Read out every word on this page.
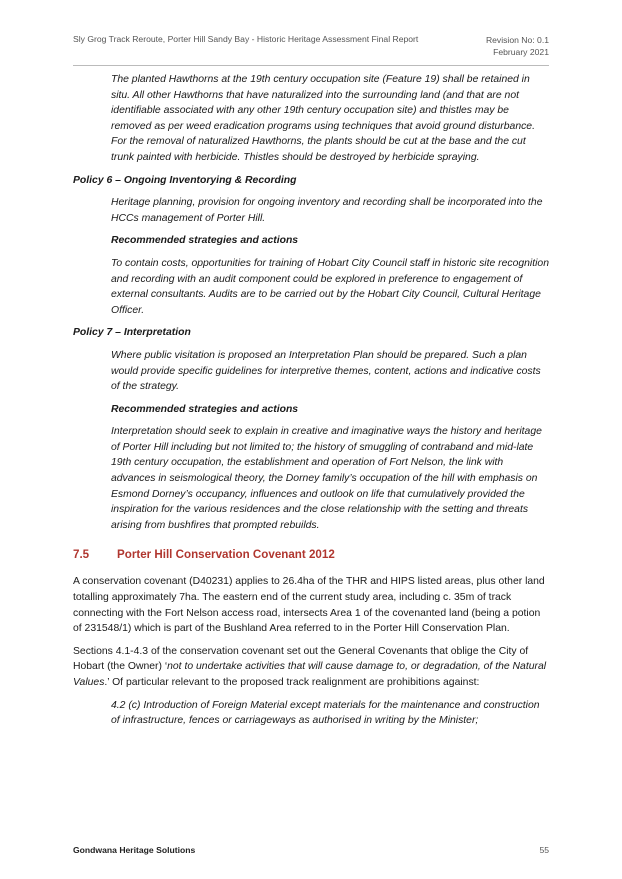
Sly Grog Track Reroute, Porter Hill Sandy Bay - Historic Heritage Assessment Final Report	Revision No: 0.1
February 2021

The planted Hawthorns at the 19th century occupation site (Feature 19) shall be retained in situ. All other Hawthorns that have naturalized into the surrounding land (and that are not identifiable associated with any other 19th century occupation site) and thistles may be removed as per weed eradication programs using techniques that avoid ground disturbance. For the removal of naturalized Hawthorns, the plants should be cut at the base and the cut trunk painted with herbicide. Thistles should be destroyed by herbicide spraying.

Policy 6 – Ongoing Inventorying & Recording

Heritage planning, provision for ongoing inventory and recording shall be incorporated into the HCCs management of Porter Hill.

Recommended strategies and actions

To contain costs, opportunities for training of Hobart City Council staff in historic site recognition and recording with an audit component could be explored in preference to engagement of external consultants. Audits are to be carried out by the Hobart City Council, Cultural Heritage Officer.

Policy 7 – Interpretation

Where public visitation is proposed an Interpretation Plan should be prepared. Such a plan would provide specific guidelines for interpretive themes, content, actions and indicative costs of the strategy.

Recommended strategies and actions

Interpretation should seek to explain in creative and imaginative ways the history and heritage of Porter Hill including but not limited to; the history of smuggling of contraband and mid-late 19th century occupation, the establishment and operation of Fort Nelson, the link with advances in seismological theory, the Dorney family’s occupation of the hill with emphasis on Esmond Dorney’s occupancy, influences and outlook on life that cumulatively provided the inspiration for the various residences and the close relationship with the setting and threats arising from bushfires that prompted rebuilds.

7.5 Porter Hill Conservation Covenant 2012

A conservation covenant (D40231) applies to 26.4ha of the THR and HIPS listed areas, plus other land totalling approximately 7ha. The eastern end of the current study area, including c. 35m of track connecting with the Fort Nelson access road, intersects Area 1 of the covenanted land (being a potion of 231548/1) which is part of the Bushland Area referred to in the Porter Hill Conservation Plan.

Sections 4.1-4.3 of the conservation covenant set out the General Covenants that oblige the City of Hobart (the Owner) ‘not to undertake activities that will cause damage to, or degradation, of the Natural Values.’ Of particular relevant to the proposed track realignment are prohibitions against:

4.2 (c) Introduction of Foreign Material except materials for the maintenance and construction of infrastructure, fences or carriageways as authorised in writing by the Minister;

Gondwana Heritage Solutions	55
